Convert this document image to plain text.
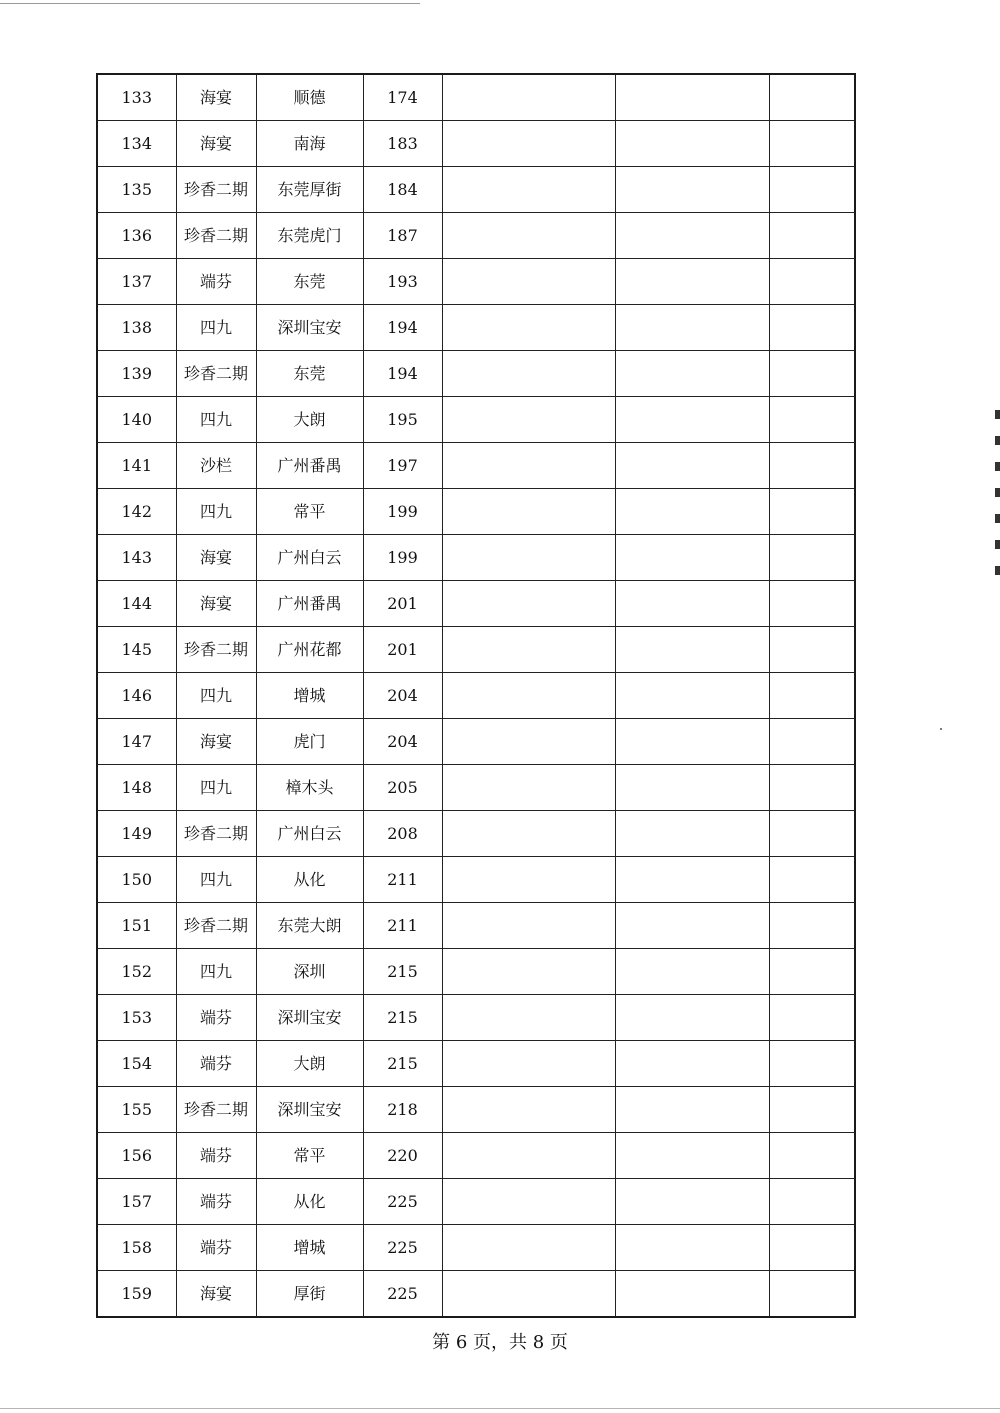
133	海宴	顺德	174			
134	海宴	南海	183			
135	珍香二期	东莞厚街	184			
136	珍香二期	东莞虎门	187			
137	端芬	东莞	193			
138	四九	深圳宝安	194			
139	珍香二期	东莞	194			
140	四九	大朗	195			
141	沙栏	广州番禺	197			
142	四九	常平	199			
143	海宴	广州白云	199			
144	海宴	广州番禺	201			
145	珍香二期	广州花都	201			
146	四九	增城	204			
147	海宴	虎门	204			
148	四九	樟木头	205			
149	珍香二期	广州白云	208			
150	四九	从化	211			
151	珍香二期	东莞大朗	211			
152	四九	深圳	215			
153	端芬	深圳宝安	215			
154	端芬	大朗	215			
155	珍香二期	深圳宝安	218			
156	端芬	常平	220			
157	端芬	从化	225			
158	端芬	增城	225			
159	海宴	厚街	225			
第 6 页，共 8 页
